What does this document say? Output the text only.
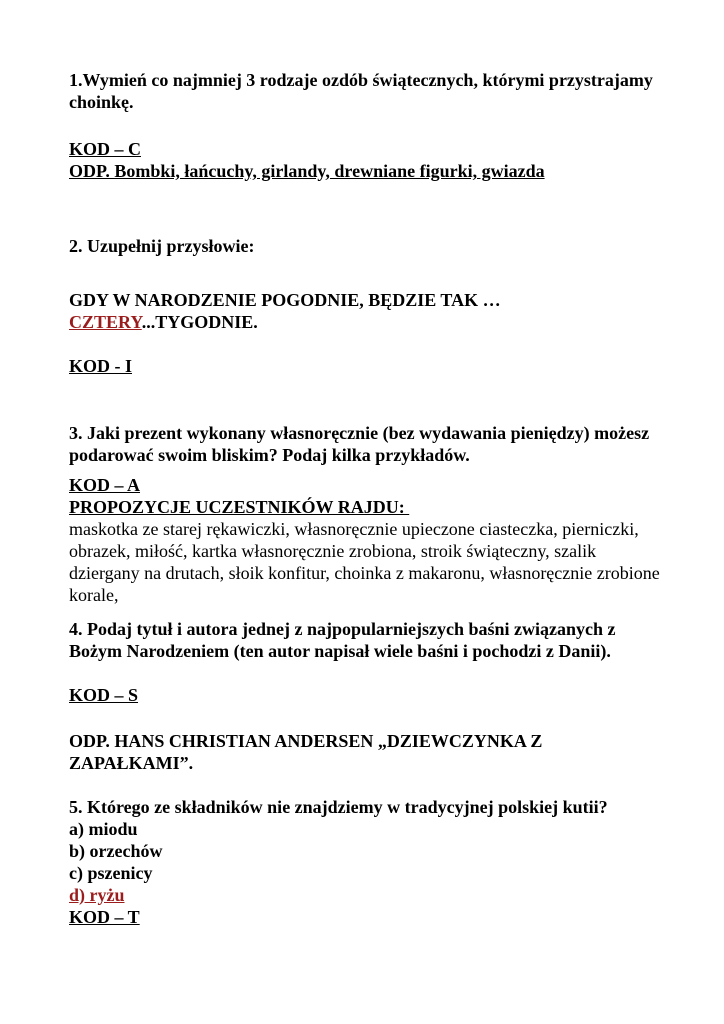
1.Wymień co najmniej 3 rodzaje ozdób świątecznych, którymi przystrajamy choinkę.

KOD – C

ODP. Bombki, łańcuchy, girlandy, drewniane figurki, gwiazda

2. Uzupełnij przysłowie:

GDY W NARODZENIE POGODNIE, BĘDZIE TAK …
CZTERY...TYGODNIE.

KOD - I

3. Jaki prezent wykonany własnoręcznie (bez wydawania pieniędzy) możesz podarować swoim bliskim? Podaj kilka przykładów.

KOD – A

PROPOZYCJE UCZESTNIKÓW RAJDU:

maskotka ze starej rękawiczki, własnoręcznie upieczone ciasteczka, pierniczki, obrazek, miłość, kartka własnoręcznie zrobiona, stroik świąteczny, szalik dziergany na drutach, słoik konfitur, choinka z makaronu, własnoręcznie zrobione korale,

4. Podaj tytuł i autora jednej z najpopularniejszych baśni związanych z Bożym Narodzeniem (ten autor napisał wiele baśni i pochodzi z Danii).

KOD – S

ODP. HANS CHRISTIAN ANDERSEN „DZIEWCZYNKA Z ZAPAŁKAMI”.

5. Którego ze składników nie znajdziemy w tradycyjnej polskiej kutii?

a) miodu

b) orzechów

c) pszenicy

d) ryżu

KOD – T
